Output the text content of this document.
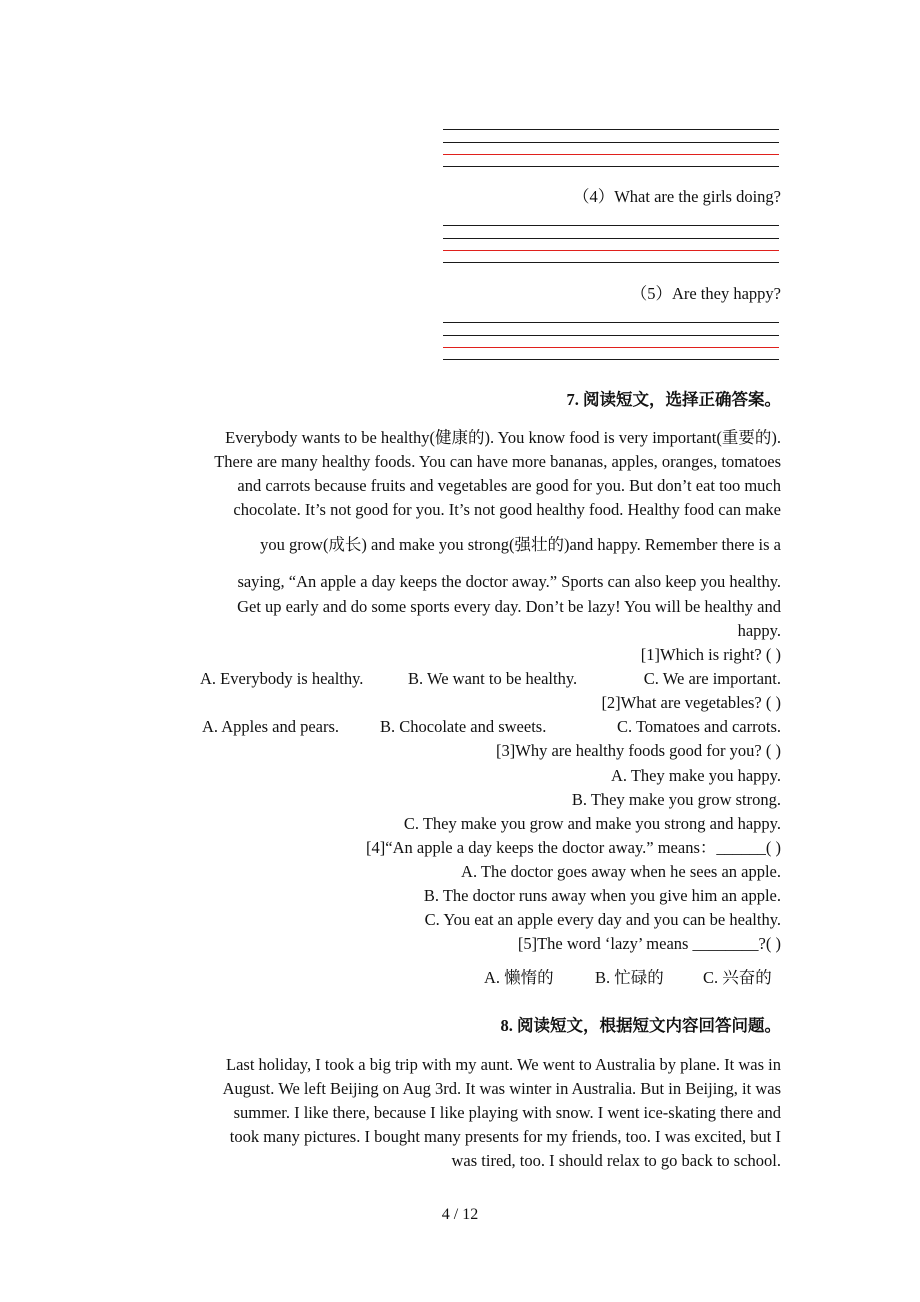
（4）What are the girls doing?
（5）Are they happy?
7. 阅读短文，选择正确答案。
Everybody wants to be healthy(健康的). You know food is very important(重要的).
There are many healthy foods. You can have more bananas, apples, oranges, tomatoes
and carrots because fruits and vegetables are good for you. But don’t eat too much
chocolate. It’s not good for you. It’s not good healthy food. Healthy food can make
you grow(成长) and make you strong(强壮的)and happy. Remember there is a
saying, “An apple a day keeps the doctor away.” Sports can also keep you healthy.
Get up early and do some sports every day. Don’t be lazy! You will be healthy and
happy.
[1]Which is right? ( )
A. Everybody is healthy.	B. We want to be healthy.	C. We are important.
[2]What are vegetables? ( )
A. Apples and pears. B. Chocolate and sweets.	C. Tomatoes and carrots.
[3]Why are healthy foods good for you? ( )
A. They make you happy.
B. They make you grow strong.
C. They make you grow and make you strong and happy.
[4]“An apple a day keeps the doctor away.” means：______( )
A. The doctor goes away when he sees an apple.
B. The doctor runs away when you give him an apple.
C. You eat an apple every day and you can be healthy.
[5]The word ‘lazy’ means ________?( )
A. 懒惰的	B. 忙碌的 C. 兴奋的
8. 阅读短文，根据短文内容回答问题。
Last holiday, I took a big trip with my aunt. We went to Australia by plane. It was in
August. We left Beijing on Aug 3rd. It was winter in Australia. But in Beijing, it was
summer. I like there, because I like playing with snow. I went ice-skating there and
took many pictures. I bought many presents for my friends, too. I was excited, but I
was tired, too. I should relax to go back to school.
4 / 12
